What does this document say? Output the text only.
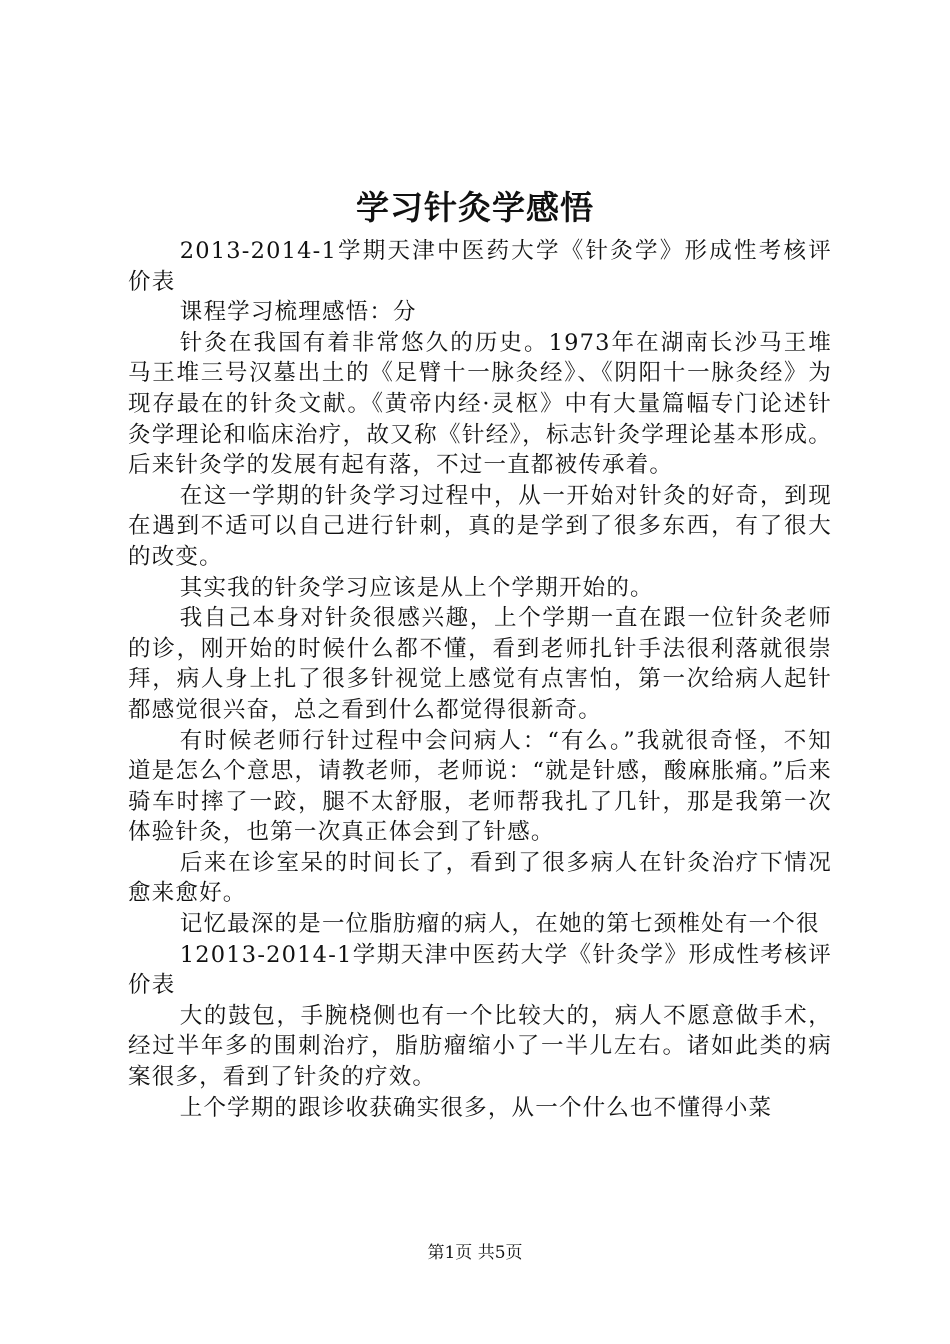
学习针灸学感悟

2013-2014-1学期天津中医药大学《针灸学》形成性考核评价表

课程学习梳理感悟：分

针灸在我国有着非常悠久的历史。1973年在湖南长沙马王堆马王堆三号汉墓出土的《足臂十一脉灸经》、《阴阳十一脉灸经》为现存最在的针灸文献。《黄帝内经·灵枢》中有大量篇幅专门论述针灸学理论和临床治疗，故又称《针经》，标志针灸学理论基本形成。后来针灸学的发展有起有落，不过一直都被传承着。

在这一学期的针灸学习过程中，从一开始对针灸的好奇，到现在遇到不适可以自己进行针刺，真的是学到了很多东西，有了很大的改变。

其实我的针灸学习应该是从上个学期开始的。

我自己本身对针灸很感兴趣，上个学期一直在跟一位针灸老师的诊，刚开始的时候什么都不懂，看到老师扎针手法很利落就很崇拜，病人身上扎了很多针视觉上感觉有点害怕，第一次给病人起针都感觉很兴奋，总之看到什么都觉得很新奇。

有时候老师行针过程中会问病人：“有么。”我就很奇怪，不知道是怎么个意思，请教老师，老师说：“就是针感，酸麻胀痛。”后来骑车时摔了一跤，腿不太舒服，老师帮我扎了几针，那是我第一次体验针灸，也第一次真正体会到了针感。

后来在诊室呆的时间长了，看到了很多病人在针灸治疗下情况愈来愈好。

记忆最深的是一位脂肪瘤的病人，在她的第七颈椎处有一个很

12013-2014-1学期天津中医药大学《针灸学》形成性考核评价表

大的鼓包，手腕桡侧也有一个比较大的，病人不愿意做手术，经过半年多的围刺治疗，脂肪瘤缩小了一半儿左右。诸如此类的病案很多，看到了针灸的疗效。

上个学期的跟诊收获确实很多，从一个什么也不懂得小菜

第1页 共5页
